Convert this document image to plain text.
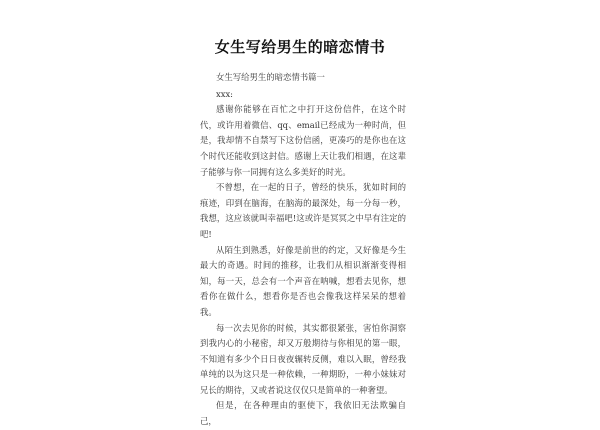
女生写给男生的暗恋情书

女生写给男生的暗恋情书篇一

xxx:

感谢你能够在百忙之中打开这份信件，在这个时代，或许用着微信、qq、email已经成为一种时尚，但是，我却情不自禁写下这份信函，更凑巧的是你也在这个时代还能收到这封信。感谢上天让我们相遇，在这辈子能够与你一同拥有这么多美好的时光。

不曾想，在一起的日子，曾经的快乐，犹如时间的痕迹，印到在脑海，在脑海的最深处，每一分每一秒，我想，这应该就叫幸福吧!这或许是冥冥之中早有注定的吧!

从陌生到熟悉，好像是前世的约定，又好像是今生最大的奇遇。时间的推移，让我们从相识渐渐变得相知，每一天，总会有一个声音在呐喊，想看去见你，想看你在做什么，想看你是否也会像我这样呆呆的想着我。

每一次去见你的时候，其实都很紧张，害怕你洞察到我内心的小秘密，却又万般期待与你相见的第一眼，不知道有多少个日日夜夜辗转反侧，难以入眠，曾经我单纯的以为这只是一种依赖，一种期盼，一种小妹妹对兄长的期待，又或者说这仅仅只是简单的一种奢望。

但是，在各种理由的驱使下，我依旧无法欺骗自己，
